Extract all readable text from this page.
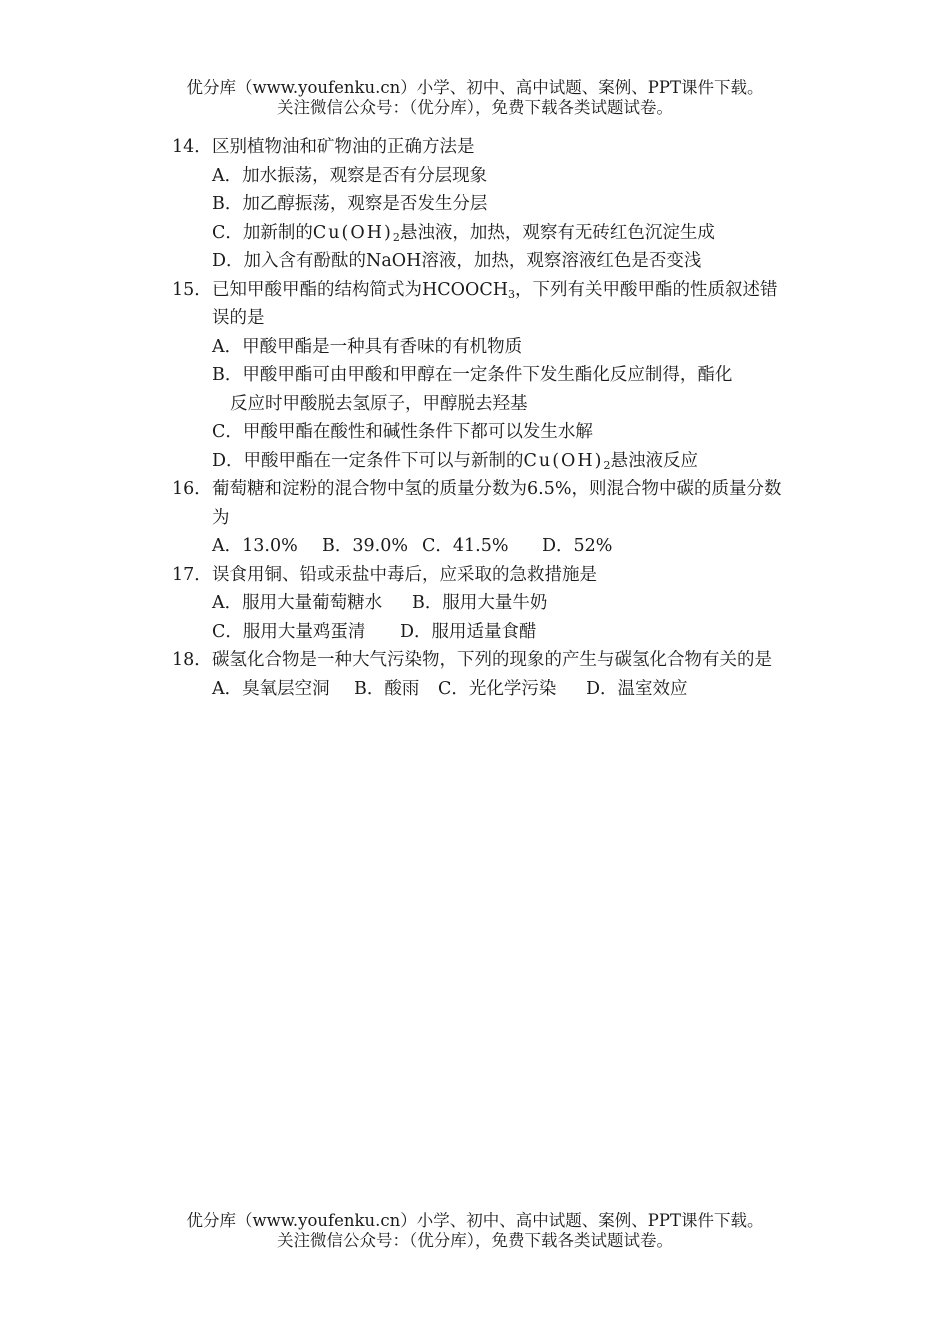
优分库（www.youfenku.cn）小学、初中、高中试题、案例、PPT课件下载。
关注微信公众号：（优分库），免费下载各类试题试卷。
14． 区别植物油和矿物油的正确方法是
A．加水振荡，观察是否有分层现象
B．加乙醇振荡，观察是否发生分层
C．加新制的$Cu(OH)_2$悬浊液，加热，观察有无砖红色沉淀生成
D．加入含有酚酞的NaOH溶液，加热，观察溶液红色是否变浅
15． 已知甲酸甲酯的结构简式为$HCOOCH_3$，下列有关甲酸甲酯的性质叙述错误的是
A．甲酸甲酯是一种具有香味的有机物质
B．甲酸甲酯可由甲酸和甲醇在一定条件下发生酯化反应制得，酯化
反应时甲酸脱去氢原子，甲醇脱去羟基
C．甲酸甲酯在酸性和碱性条件下都可以发生水解
D．甲酸甲酯在一定条件下可以与新制的$Cu(OH)_2$悬浊液反应
16． 葡萄糖和淀粉的混合物中氢的质量分数为6.5%，则混合物中碳的质量分数为
A．13.0% B．39.0% C．41.5% D．52%
17． 误食用铜、铅或汞盐中毒后，应采取的急救措施是
A．服用大量葡萄糖水 B．服用大量牛奶
C．服用大量鸡蛋清 D．服用适量食醋
18． 碳氢化合物是一种大气污染物，下列的现象的产生与碳氢化合物有关的是
A．臭氧层空洞 B．酸雨 C．光化学污染 D．温室效应
优分库（www.youfenku.cn）小学、初中、高中试题、案例、PPT课件下载。
关注微信公众号：（优分库），免费下载各类试题试卷。
